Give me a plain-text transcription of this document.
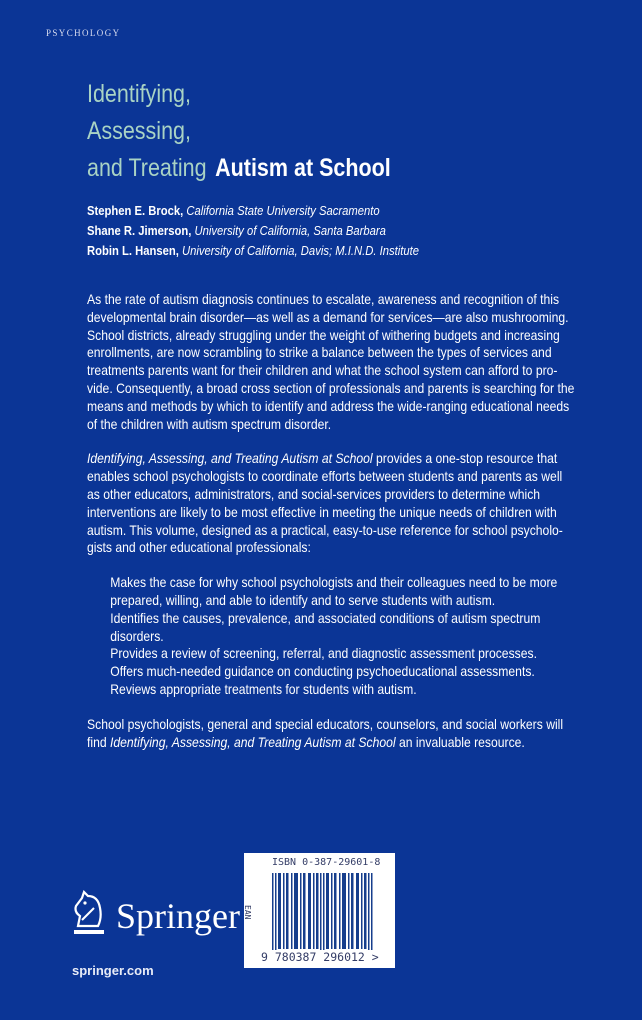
PSYCHOLOGY
Identifying,
Assessing,
and Treating Autism at School
Stephen E. Brock, California State University Sacramento
Shane R. Jimerson, University of California, Santa Barbara
Robin L. Hansen, University of California, Davis; M.I.N.D. Institute

As the rate of autism diagnosis continues to escalate, awareness and recognition of this
developmental brain disorder—as well as a demand for services—are also mushrooming.
School districts, already struggling under the weight of withering budgets and increasing
enrollments, are now scrambling to strike a balance between the types of services and
treatments parents want for their children and what the school system can afford to pro-
vide. Consequently, a broad cross section of professionals and parents is searching for the
means and methods by which to identify and address the wide-ranging educational needs
of the children with autism spectrum disorder.

Identifying, Assessing, and Treating Autism at School provides a one-stop resource that
enables school psychologists to coordinate efforts between students and parents as well
as other educators, administrators, and social-services providers to determine which
interventions are likely to be most effective in meeting the unique needs of children with
autism. This volume, designed as a practical, easy-to-use reference for school psycholo-
gists and other educational professionals:

Makes the case for why school psychologists and their colleagues need to be more
prepared, willing, and able to identify and to serve students with autism.
Identifies the causes, prevalence, and associated conditions of autism spectrum
disorders.
Provides a review of screening, referral, and diagnostic assessment processes.
Offers much-needed guidance on conducting psychoeducational assessments.
Reviews appropriate treatments for students with autism.

School psychologists, general and special educators, counselors, and social workers will
find Identifying, Assessing, and Treating Autism at School an invaluable resource.

Springer
springer.com
ISBN 0-387-29601-8
EAN
9 780387 296012 >
